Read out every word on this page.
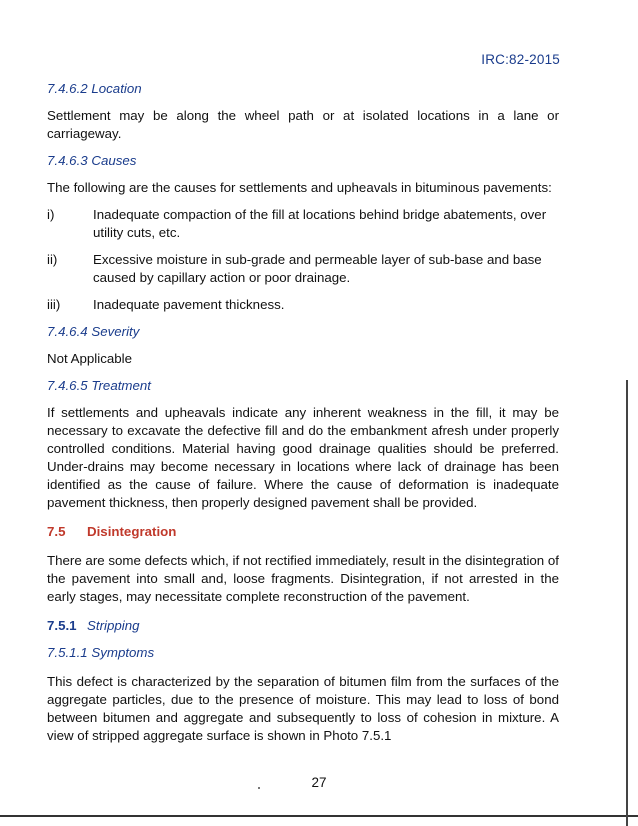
IRC:82-2015

7.4.6.2 Location

Settlement may be along the wheel path or at isolated locations in a lane or carriageway.

7.4.6.3 Causes

The following are the causes for settlements and upheavals in bituminous pavements:

i)	Inadequate compaction of the fill at locations behind bridge abatements, over utility cuts, etc.
ii)	Excessive moisture in sub-grade and permeable layer of sub-base and base caused by capillary action or poor drainage.
iii)	Inadequate pavement thickness.

7.4.6.4 Severity

Not Applicable

7.4.6.5 Treatment

If settlements and upheavals indicate any inherent weakness in the fill, it may be necessary to excavate the defective fill and do the embankment afresh under properly controlled conditions. Material having good drainage qualities should be preferred. Under-drains may become necessary in locations where lack of drainage has been identified as the cause of failure. Where the cause of deformation is inadequate pavement thickness, then properly designed pavement shall be provided.

7.5	Disintegration

There are some defects which, if not rectified immediately, result in the disintegration of the pavement into small and, loose fragments. Disintegration, if not arrested in the early stages, may necessitate complete reconstruction of the pavement.

7.5.1 Stripping

7.5.1.1 Symptoms

This defect is characterized by the separation of bitumen film from the surfaces of the aggregate particles, due to the presence of moisture. This may lead to loss of bond between bitumen and aggregate and subsequently to loss of cohesion in mixture. A view of stripped aggregate surface is shown in Photo 7.5.1

27
